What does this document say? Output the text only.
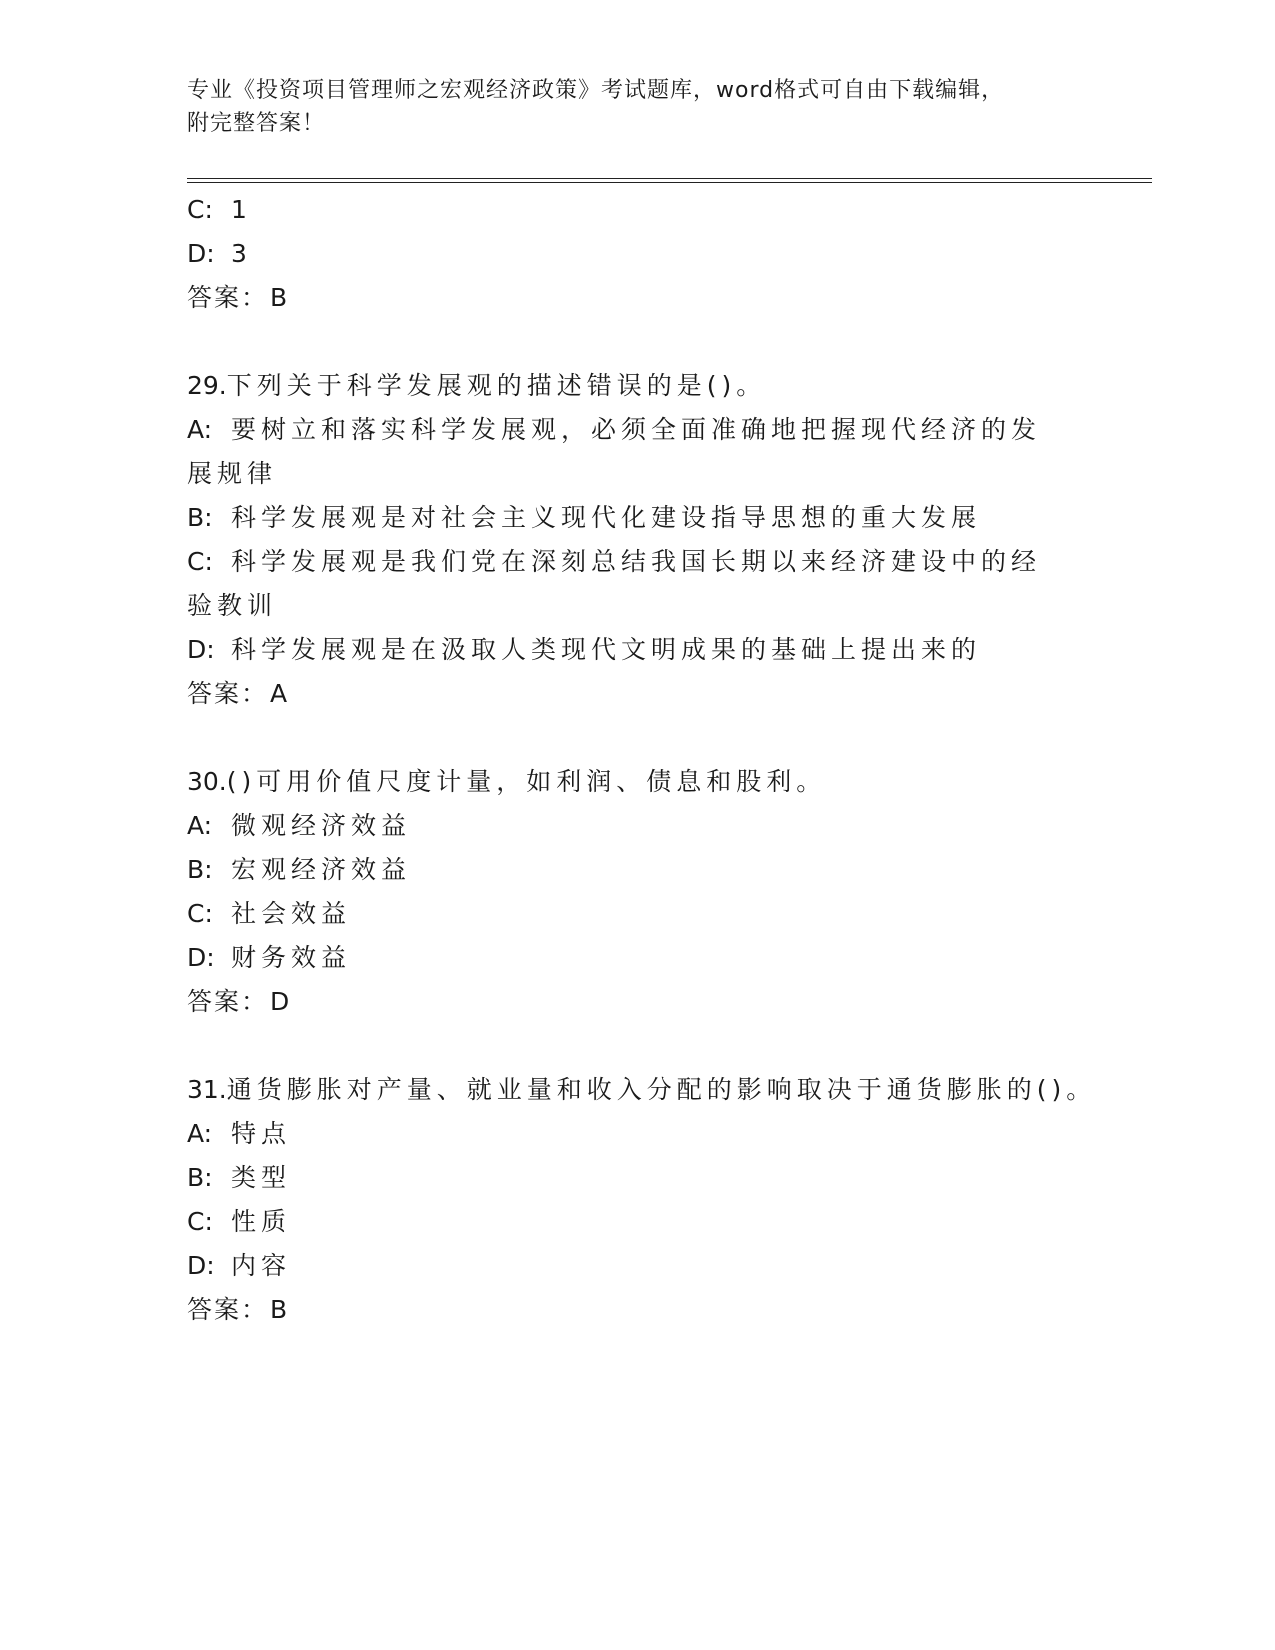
专业《投资项目管理师之宏观经济政策》考试题库，word格式可自由下载编辑，
附完整答案！
C: 1
D: 3
答案：B
29.下列关于科学发展观的描述错误的是()。
A: 要树立和落实科学发展观，必须全面准确地把握现代经济的发展规律
B: 科学发展观是对社会主义现代化建设指导思想的重大发展
C: 科学发展观是我们党在深刻总结我国长期以来经济建设中的经验教训
D: 科学发展观是在汲取人类现代文明成果的基础上提出来的
答案：A
30.()可用价值尺度计量，如利润、债息和股利。
A: 微观经济效益
B: 宏观经济效益
C: 社会效益
D: 财务效益
答案：D
31.通货膨胀对产量、就业量和收入分配的影响取决于通货膨胀的()。
A: 特点
B: 类型
C: 性质
D: 内容
答案：B
